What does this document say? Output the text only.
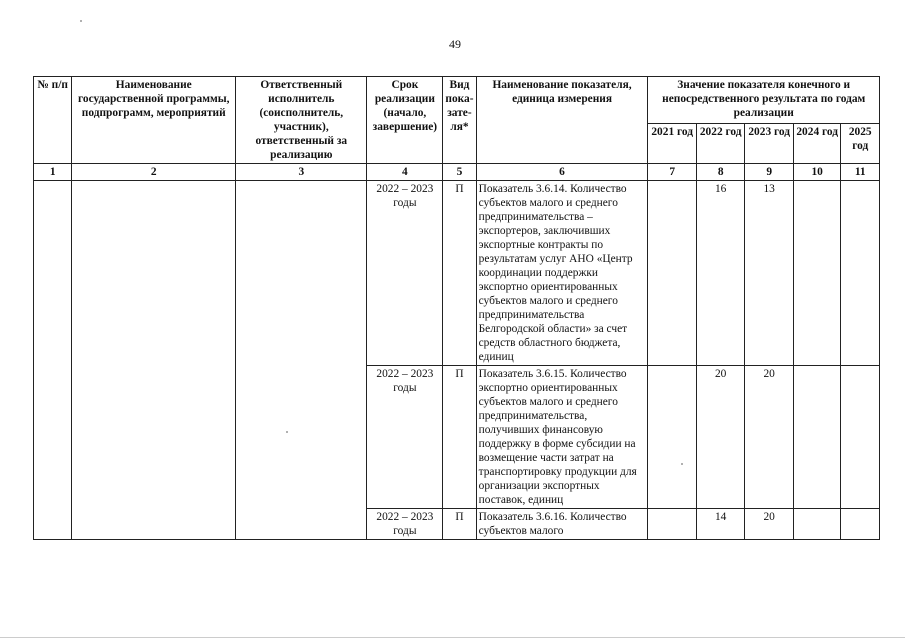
49
№ п/п	Наименование государственной программы, подпрограмм, мероприятий	Ответственный исполнитель (соисполнитель, участник), ответственный за реализацию	Срок реализации (начало, завершение)	Вид пока-зате-ля*	Наименование показателя, единица измерения	Значение показателя конечного и непосредственного результата по годам реализации				
						2021 год	2022 год	2023 год	2024 год	2025 год
1	2	3	4	5	6	7	8	9	10	11
			2022 – 2023 годы	П	Показатель 3.6.14. Количество субъектов малого и среднего предпринимательства – экспортеров, заключивших экспортные контракты по результатам услуг АНО «Центр координации поддержки экспортно ориентированных субъектов малого и среднего предпринимательства Белгородской области» за счет средств областного бюджета, единиц		16	13		
			2022 – 2023 годы	П	Показатель 3.6.15. Количество экспортно ориентированных субъектов малого и среднего предпринимательства, получивших финансовую поддержку в форме субсидии на возмещение части затрат на транспортировку продукции для организации экспортных поставок, единиц		20	20		
			2022 – 2023 годы	П	Показатель 3.6.16. Количество субъектов малого		14	20		
